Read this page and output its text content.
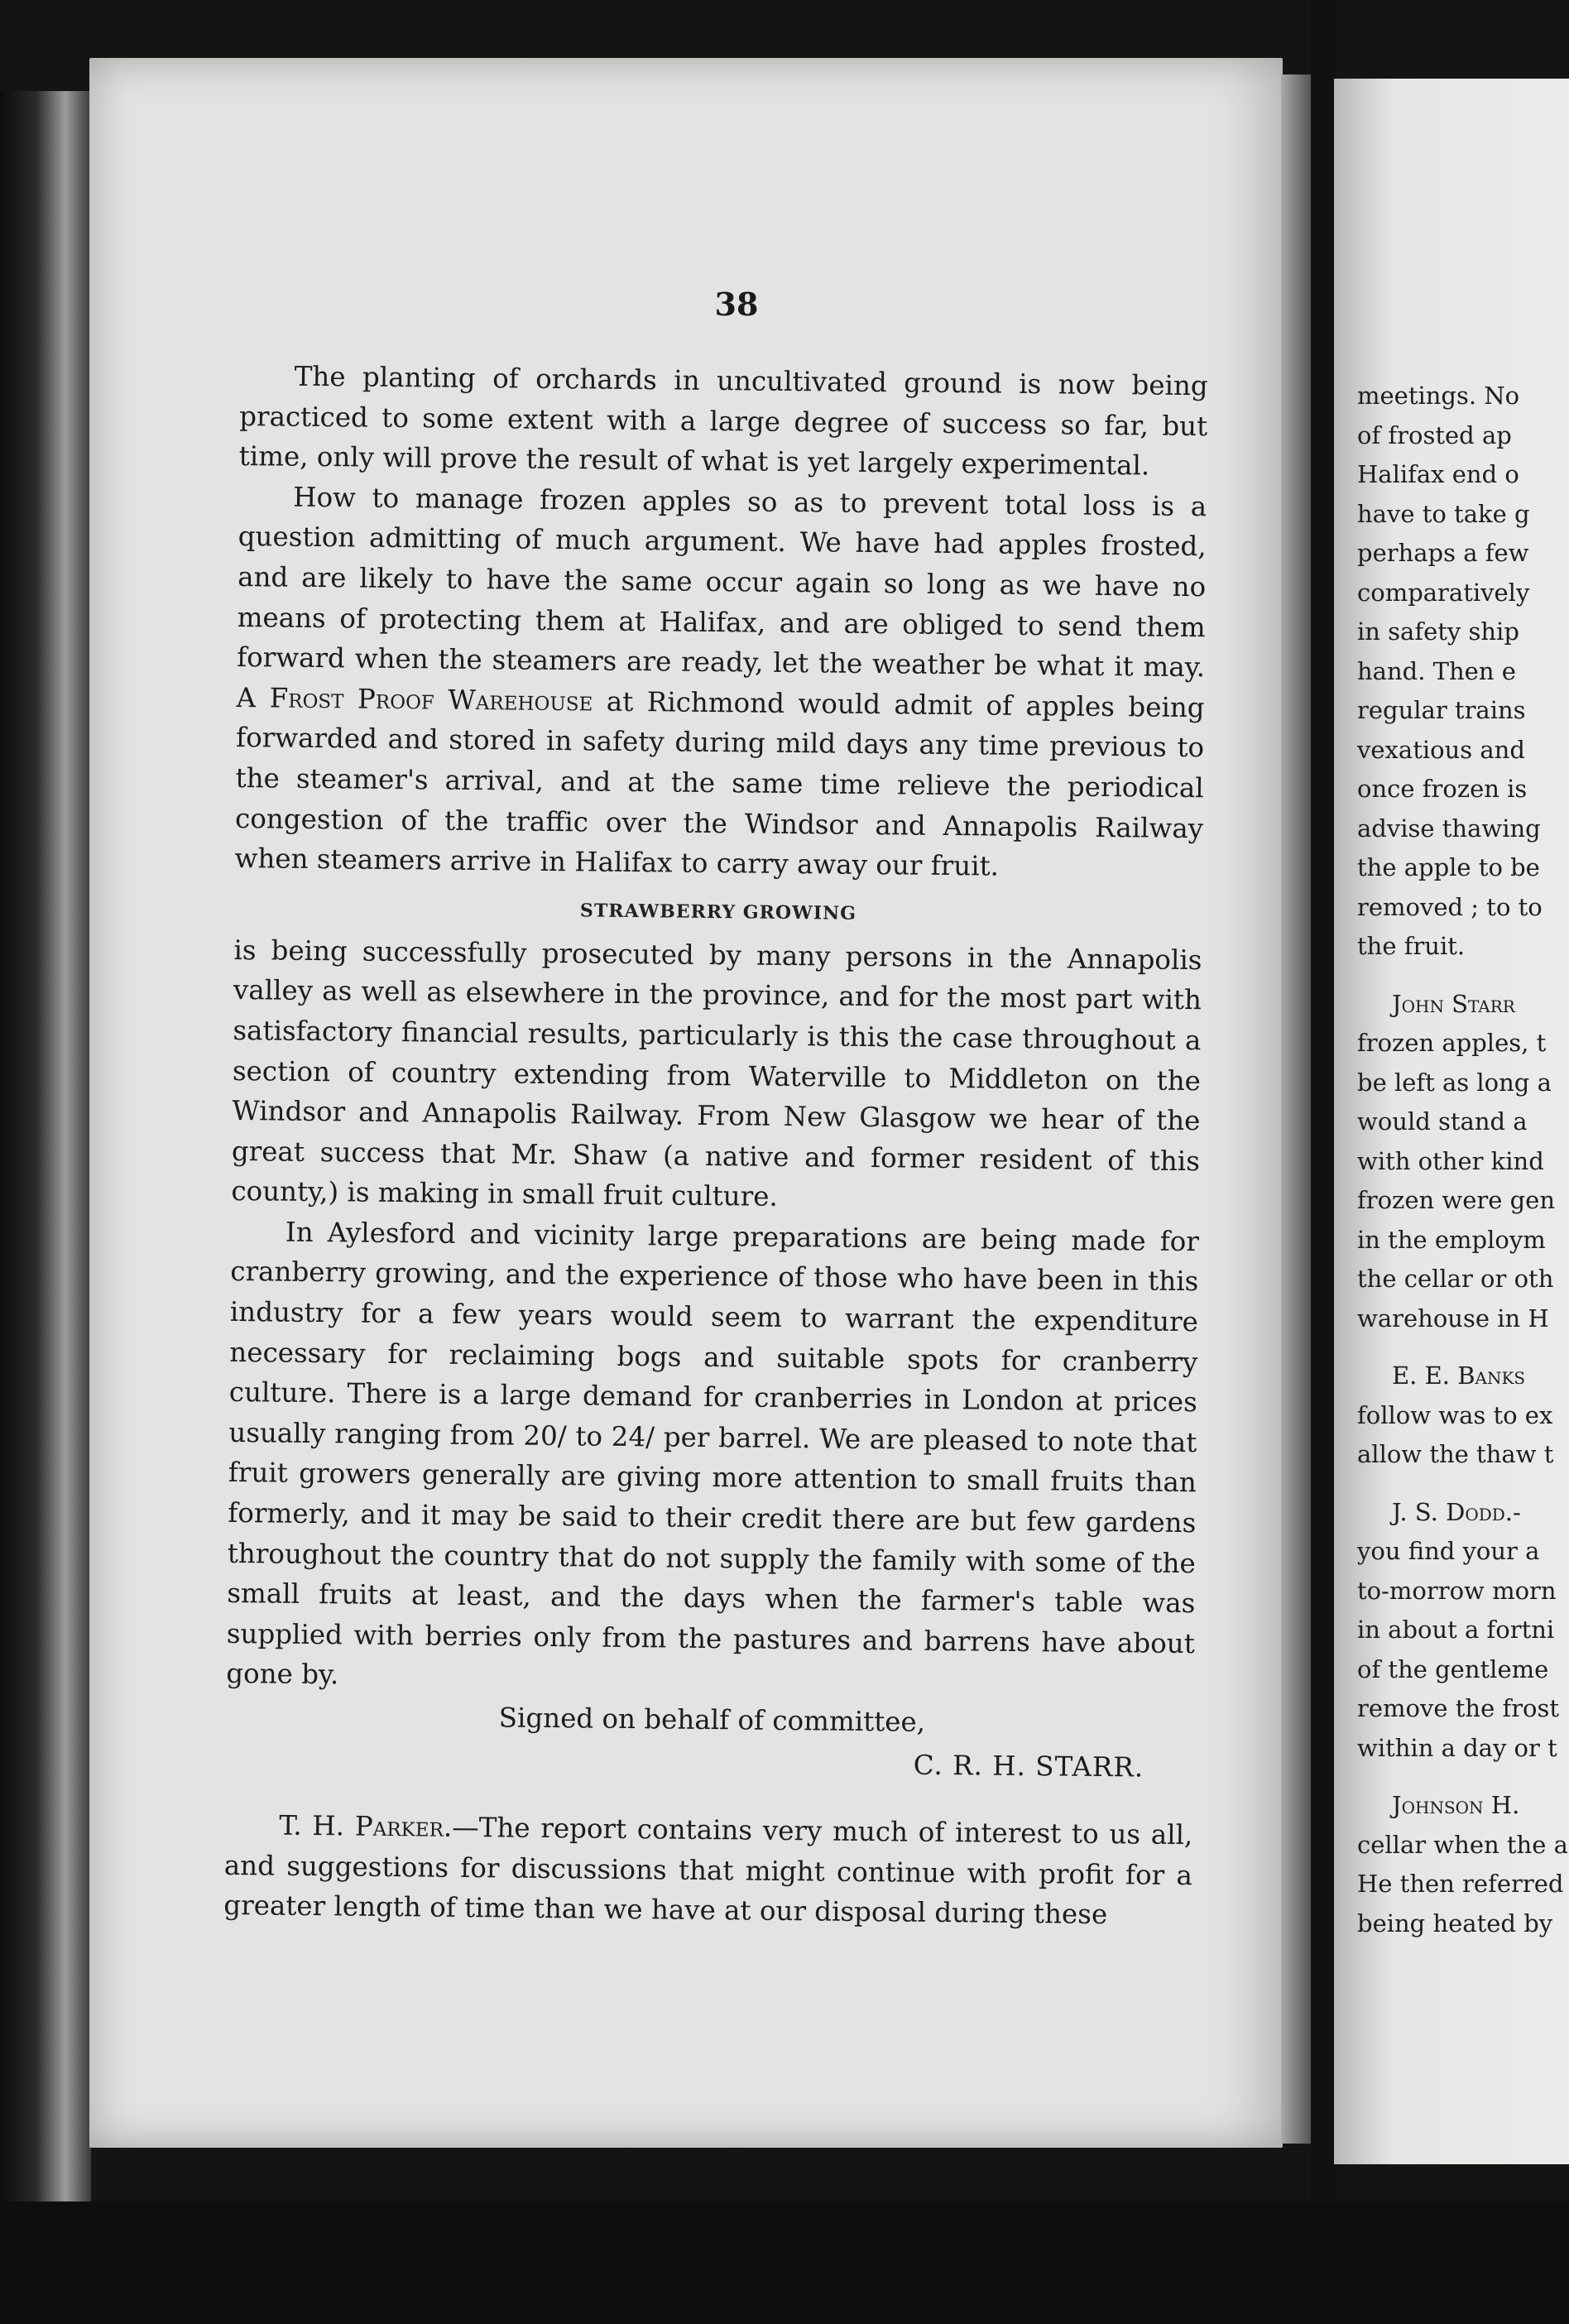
38

The planting of orchards in uncultivated ground is now being practiced to some extent with a large degree of success so far, but time, only will prove the result of what is yet largely experimental.

How to manage frozen apples so as to prevent total loss is a question admitting of much argument. We have had apples frosted, and are likely to have the same occur again so long as we have no means of protecting them at Halifax, and are obliged to send them forward when the steamers are ready, let the weather be what it may. A Frost Proof Warehouse at Richmond would admit of apples being forwarded and stored in safety during mild days any time previous to the steamer's arrival, and at the same time relieve the periodical congestion of the traffic over the Windsor and Annapolis Railway when steamers arrive in Halifax to carry away our fruit.

STRAWBERRY GROWING

is being successfully prosecuted by many persons in the Annapolis valley as well as elsewhere in the province, and for the most part with satisfactory financial results, particularly is this the case throughout a section of country extending from Waterville to Middleton on the Windsor and Annapolis Railway. From New Glasgow we hear of the great success that Mr. Shaw (a native and former resident of this county,) is making in small fruit culture.

In Aylesford and vicinity large preparations are being made for cranberry growing, and the experience of those who have been in this industry for a few years would seem to warrant the expenditure necessary for reclaiming bogs and suitable spots for cranberry culture. There is a large demand for cranberries in London at prices usually ranging from 20/ to 24/ per barrel. We are pleased to note that fruit growers generally are giving more attention to small fruits than formerly, and it may be said to their credit there are but few gardens throughout the country that do not supply the family with some of the small fruits at least, and the days when the farmer's table was supplied with berries only from the pastures and barrens have about gone by.

Signed on behalf of committee,

C. R. H. STARR.

T. H. Parker.—The report contains very much of interest to us all, and suggestions for discussions that might continue with profit for a greater length of time than we have at our disposal during these

meetings. No
of frosted ap
Halifax end o
have to take g
perhaps a few
comparatively
in safety ship
hand. Then e
regular trains
vexatious and
once frozen is
advise thawing
the apple to be
removed ; to to
the fruit.
John Starr
frozen apples, t
be left as long a
would stand a
with other kind
frozen were gen
in the employm
the cellar or oth
warehouse in H
E. E. Banks
follow was to ex
allow the thaw t
J. S. Dodd.-
you find your a
to-morrow morn
in about a fortni
of the gentleme
remove the frost
within a day or t
Johnson H.
cellar when the a
He then referred
being heated by
